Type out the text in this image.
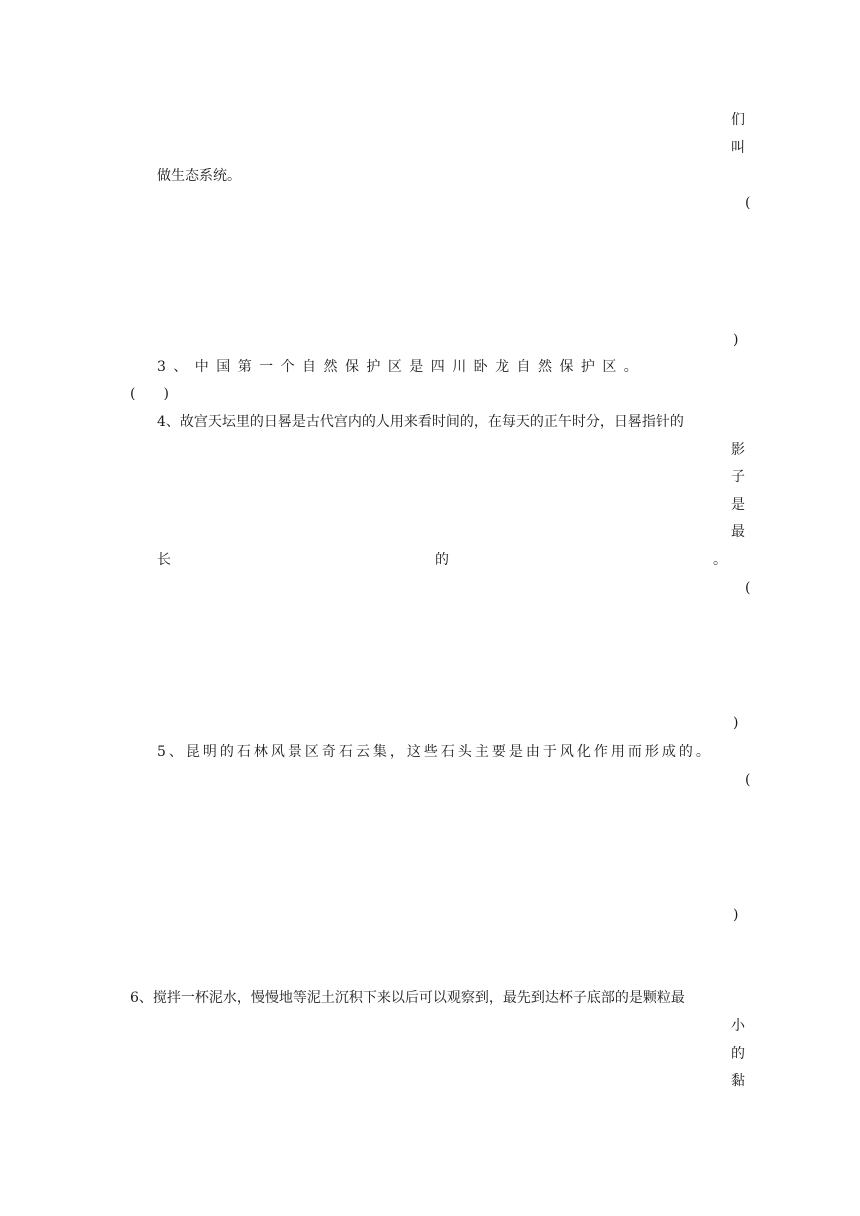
们
叫
做生态系统。
(
)
3 、 中 国 第 一 个 自 然 保 护 区 是 四 川 卧 龙 自 然 保 护 区 。
(　　)
4、故宫天坛里的日晷是古代宫内的人用来看时间的，在每天的正午时分，日晷指针的
影
子
是
最
长	的	。
(
)
5、昆明的石林风景区奇石云集，这些石头主要是由于风化作用而形成的。
(
)
6、搅拌一杯泥水，慢慢地等泥土沉积下来以后可以观察到，最先到达杯子底部的是颗粒最
小
的
黏
